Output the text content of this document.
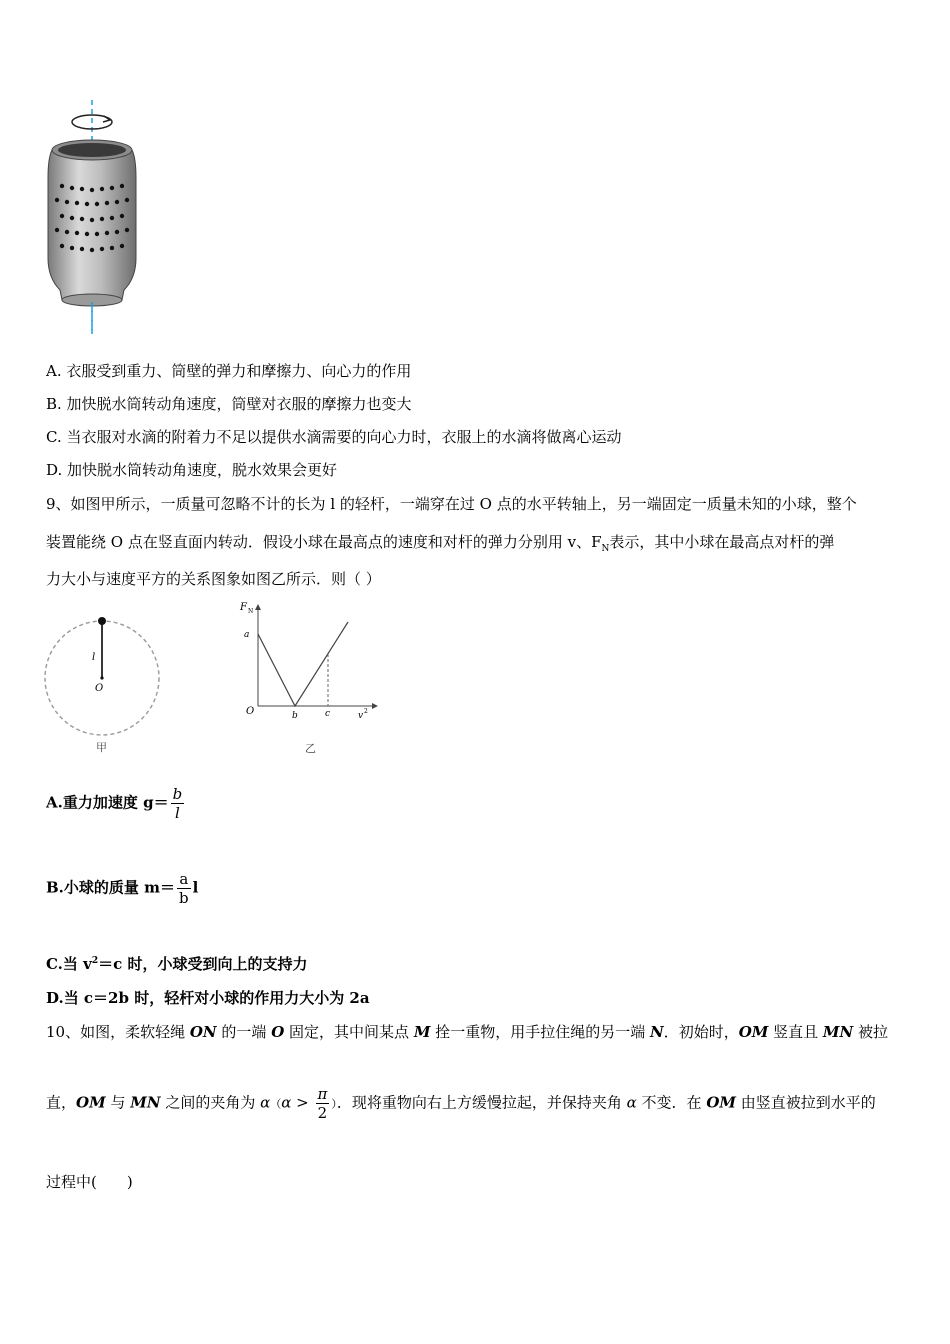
A. 衣服受到重力、筒壁的弹力和摩擦力、向心力的作用
B. 加快脱水筒转动角速度，筒壁对衣服的摩擦力也变大
C. 当衣服对水滴的附着力不足以提供水滴需要的向心力时，衣服上的水滴将做离心运动
D. 加快脱水筒转动角速度，脱水效果会更好
9、如图甲所示，一质量可忽略不计的长为 l 的轻杆，一端穿在过 O 点的水平转轴上，另一端固定一质量未知的小球，整个
装置能绕 O 点在竖直面内转动．假设小球在最高点的速度和对杆的弹力分别用 v、$F_N$表示，其中小球在最高点对杆的弹
力大小与速度平方的关系图象如图乙所示．则（ ）
l
O
甲
F N
a
O	b	c	v 2
乙
A.重力加速度 $g= \frac{b}{l}$
B.小球的质量 $m= \frac{a}{b}$ l
C.当 $v^2=c$ 时，小球受到向上的支持力
D.当 c＝2b 时，轻杆对小球的作用力大小为 2a
10、如图，柔软轻绳 ON 的一端 O 固定，其中间某点 M 拴一重物，用手拉住绳的另一端 N．初始时，OM 竖直且 MN 被拉
直，OM 与 MN 之间的夹角为 $\alpha(\alpha > \frac{\pi}{2}$ ）．现将重物向右上方缓慢拉起，并保持夹角 α 不变．在 OM 由竖直被拉到水平的
过程中(　　)
